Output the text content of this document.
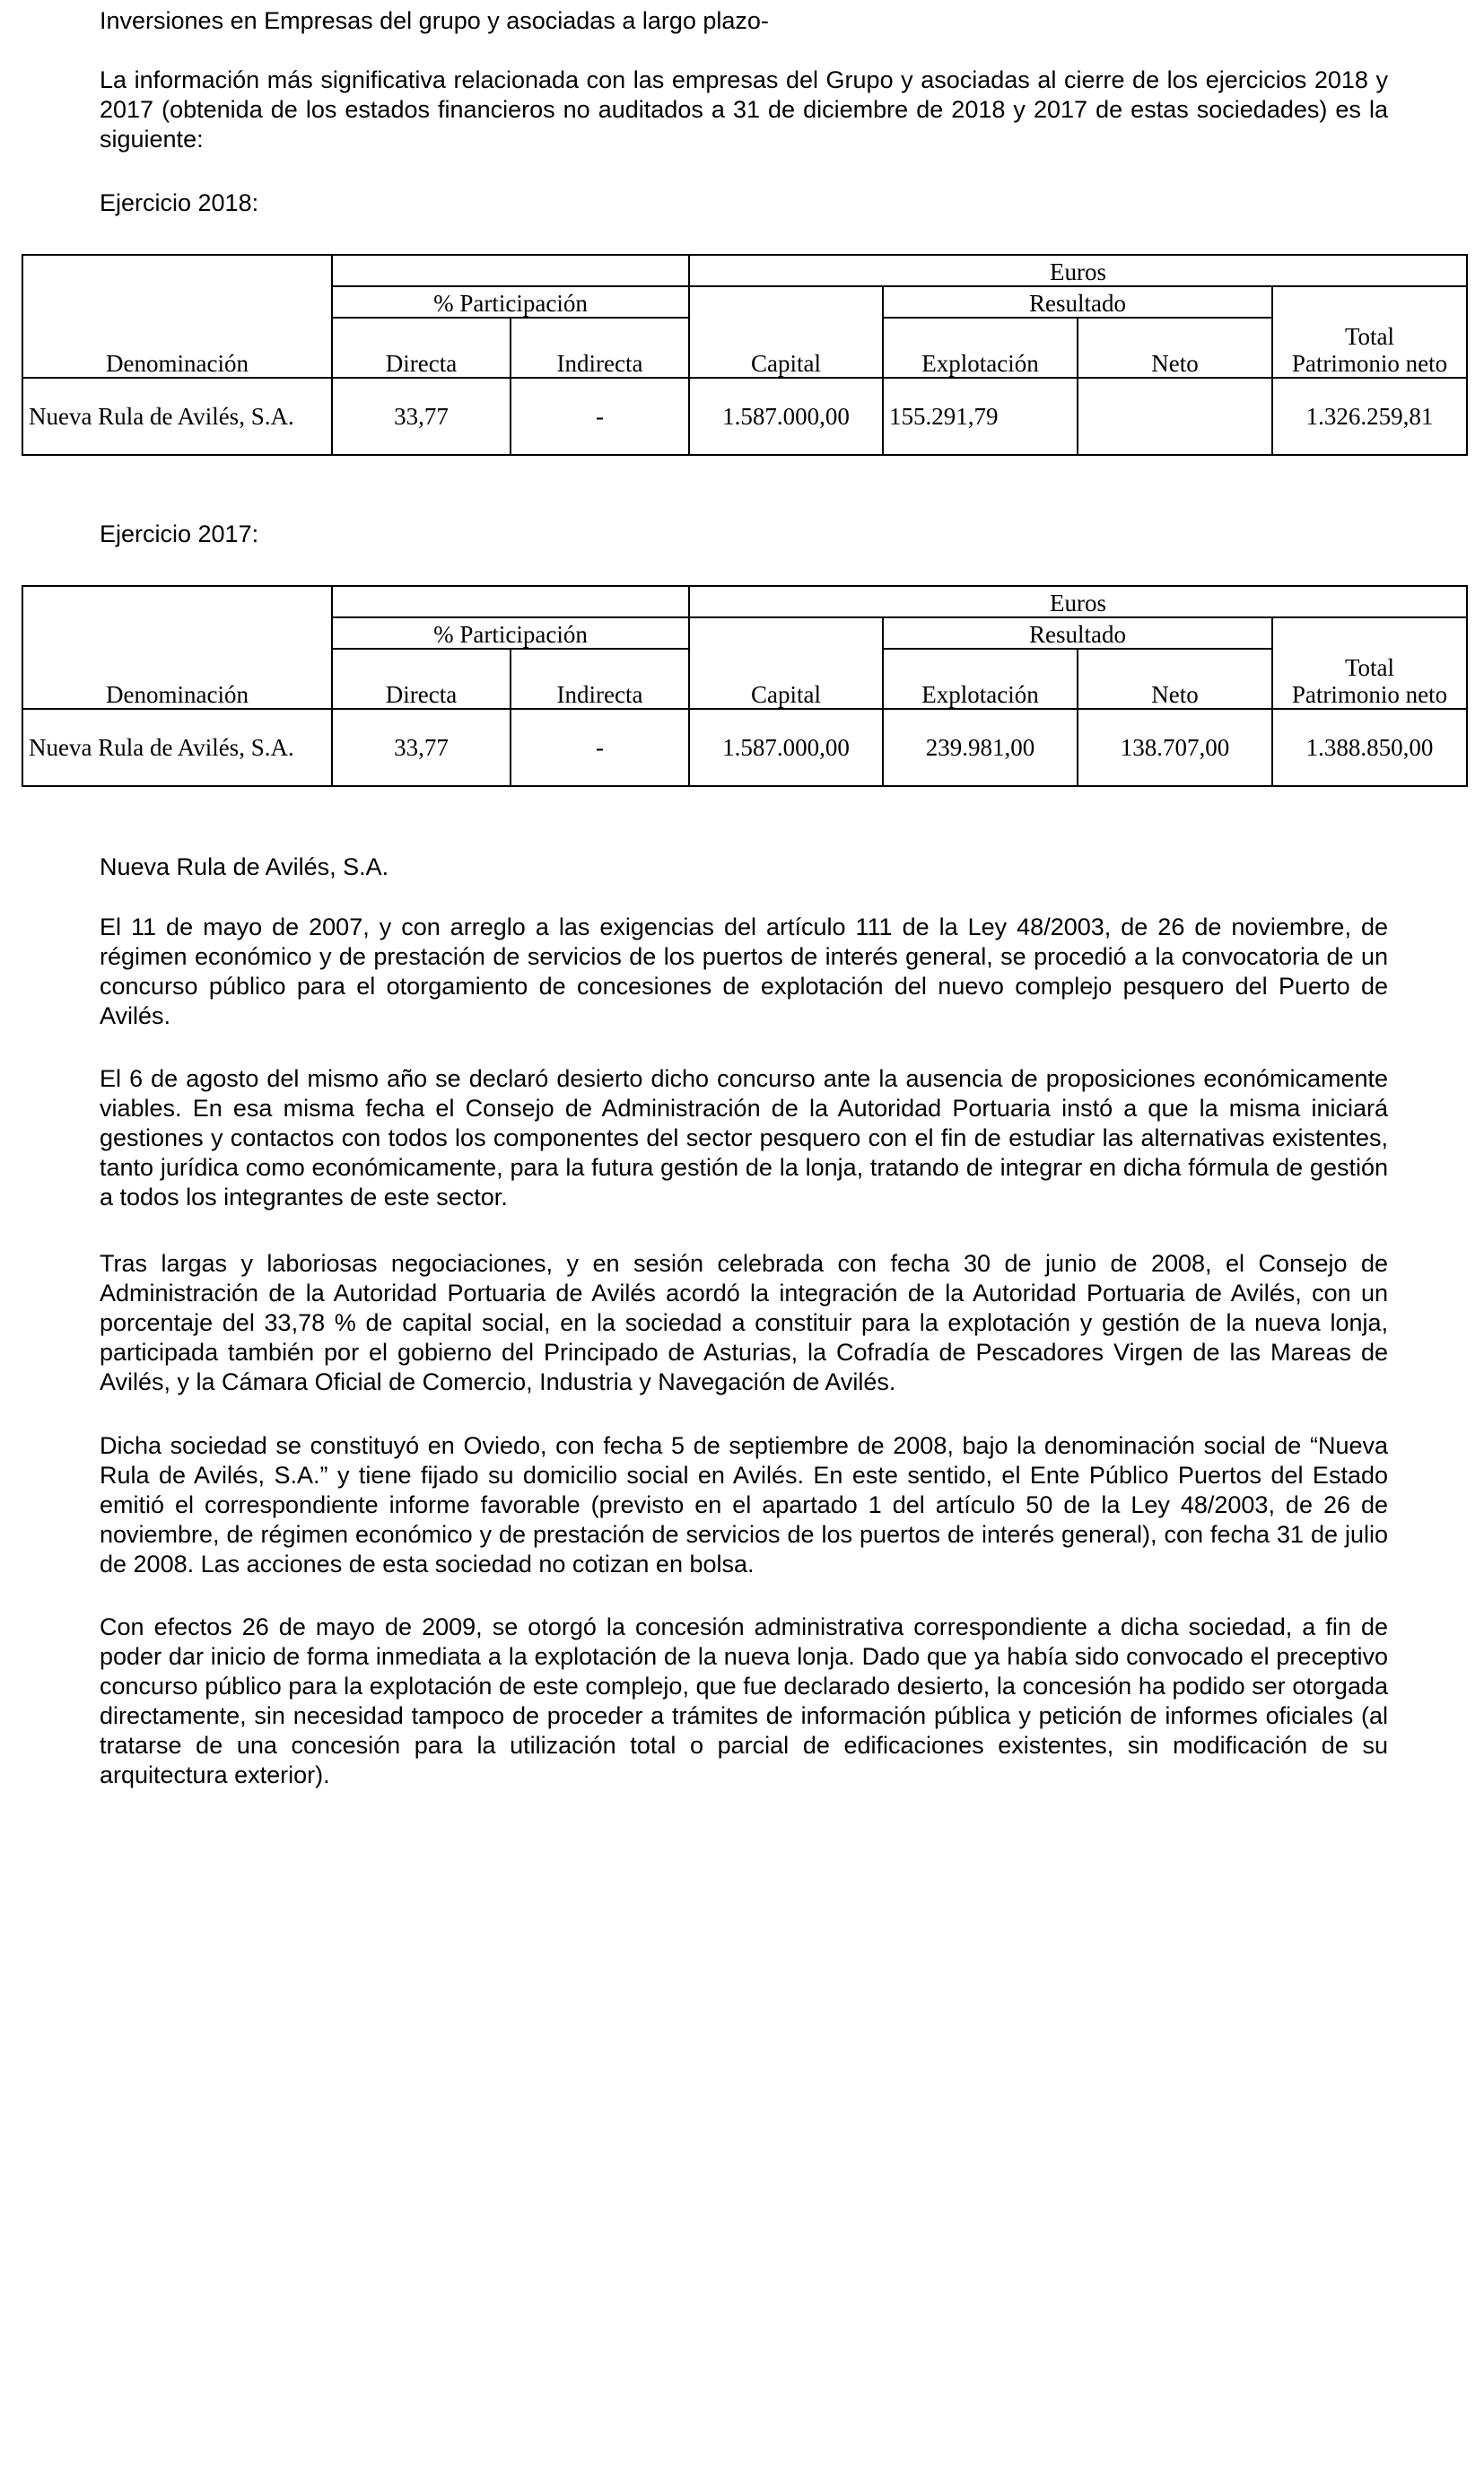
Inversiones en Empresas del grupo y asociadas a largo plazo-

La información más significativa relacionada con las empresas del Grupo y asociadas al cierre de los ejercicios 2018 y 2017 (obtenida de los estados financieros no auditados a 31 de diciembre de 2018 y 2017 de estas sociedades) es la siguiente:

Ejercicio 2018:

Denominación			Euros			
	% Participación		Capital	Resultado		Total
Patrimonio neto
	Directa	Indirecta		Explotación	Neto	
Nueva Rula de Avilés, S.A.	33,77	-	1.587.000,00	155.291,79		1.326.259,81

Ejercicio 2017:

Denominación			Euros			
	% Participación		Capital	Resultado		Total
Patrimonio neto
	Directa	Indirecta		Explotación	Neto	
Nueva Rula de Avilés, S.A.	33,77	-	1.587.000,00	239.981,00	138.707,00	1.388.850,00

Nueva Rula de Avilés, S.A.

El 11 de mayo de 2007, y con arreglo a las exigencias del artículo 111 de la Ley 48/2003, de 26 de noviembre, de régimen económico y de prestación de servicios de los puertos de interés general, se procedió a la convocatoria de un concurso público para el otorgamiento de concesiones de explotación del nuevo complejo pesquero del Puerto de Avilés.

El 6 de agosto del mismo año se declaró desierto dicho concurso ante la ausencia de proposiciones económicamente viables. En esa misma fecha el Consejo de Administración de la Autoridad Portuaria instó a que la misma iniciará gestiones y contactos con todos los componentes del sector pesquero con el fin de estudiar las alternativas existentes, tanto jurídica como económicamente, para la futura gestión de la lonja, tratando de integrar en dicha fórmula de gestión a todos los integrantes de este sector.

Tras largas y laboriosas negociaciones, y en sesión celebrada con fecha 30 de junio de 2008, el Consejo de Administración de la Autoridad Portuaria de Avilés acordó la integración de la Autoridad Portuaria de Avilés, con un porcentaje del 33,78 % de capital social, en la sociedad a constituir para la explotación y gestión de la nueva lonja, participada también por el gobierno del Principado de Asturias, la Cofradía de Pescadores Virgen de las Mareas de Avilés, y la Cámara Oficial de Comercio, Industria y Navegación de Avilés.

Dicha sociedad se constituyó en Oviedo, con fecha 5 de septiembre de 2008, bajo la denominación social de “Nueva Rula de Avilés, S.A.” y tiene fijado su domicilio social en Avilés. En este sentido, el Ente Público Puertos del Estado emitió el correspondiente informe favorable (previsto en el apartado 1 del artículo 50 de la Ley 48/2003, de 26 de noviembre, de régimen económico y de prestación de servicios de los puertos de interés general), con fecha 31 de julio de 2008. Las acciones de esta sociedad no cotizan en bolsa.

Con efectos 26 de mayo de 2009, se otorgó la concesión administrativa correspondiente a dicha sociedad, a fin de poder dar inicio de forma inmediata a la explotación de la nueva lonja. Dado que ya había sido convocado el preceptivo concurso público para la explotación de este complejo, que fue declarado desierto, la concesión ha podido ser otorgada directamente, sin necesidad tampoco de proceder a trámites de información pública y petición de informes oficiales (al tratarse de una concesión para la utilización total o parcial de edificaciones existentes, sin modificación de su arquitectura exterior).
